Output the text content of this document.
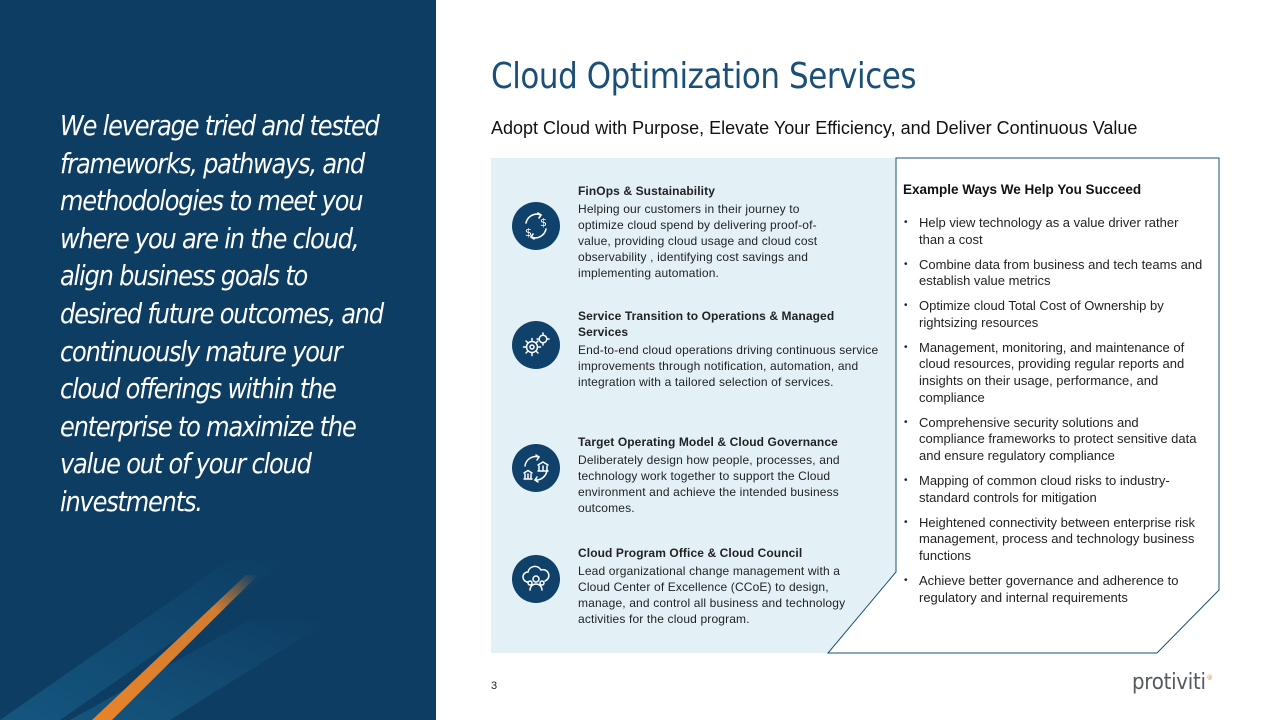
We leverage tried and tested frameworks, pathways, and methodologies to meet you where you are in the cloud, align business goals to desired future outcomes, and continuously mature your cloud offerings within the enterprise to maximize the value out of your cloud investments.
Cloud Optimization Services
Adopt Cloud with Purpose, Elevate Your Efficiency, and Deliver Continuous Value
$
$
FinOps & Sustainability
Helping our customers in their journey to optimize cloud spend by delivering proof-of-value, providing cloud usage and cloud cost observability , identifying cost savings and implementing automation.
Service Transition to Operations & Managed Services
End-to-end cloud operations driving continuous service improvements through notification, automation, and integration with a tailored selection of services.
Target Operating Model & Cloud Governance
Deliberately design how people, processes, and technology work together to support the Cloud environment and achieve the intended business outcomes.
Cloud Program Office & Cloud Council
Lead organizational change management with a Cloud Center of Excellence (CCoE) to design, manage, and control all business and technology activities for the cloud program.
Example Ways We Help You Succeed
• Help view technology as a value driver rather than a cost
• Combine data from business and tech teams and establish value metrics
• Optimize cloud Total Cost of Ownership by rightsizing resources
• Management, monitoring, and maintenance of cloud resources, providing regular reports and insights on their usage, performance, and compliance
• Comprehensive security solutions and compliance frameworks to protect sensitive data and ensure regulatory compliance
• Mapping of common cloud risks to industry-standard controls for mitigation
• Heightened connectivity between enterprise risk management, process and technology business functions
• Achieve better governance and adherence to regulatory and internal requirements
3	protiviti®
